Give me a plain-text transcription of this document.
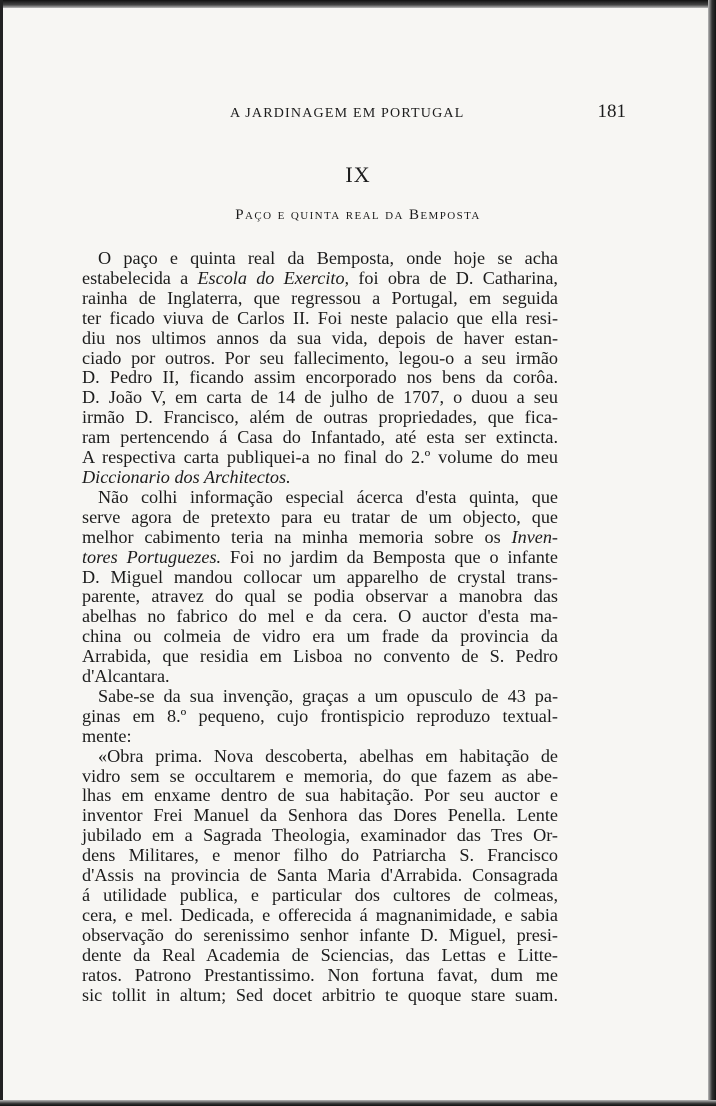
A JARDINAGEM EM PORTUGAL	181
IX
Paço e quinta real da Bemposta
O paço e quinta real da Bemposta, onde hoje se acha
estabelecida a Escola do Exercito, foi obra de D. Catharina,
rainha de Inglaterra, que regressou a Portugal, em seguida
ter ficado viuva de Carlos II. Foi neste palacio que ella resi-
diu nos ultimos annos da sua vida, depois de haver estan-
ciado por outros. Por seu fallecimento, legou-o a seu irmão
D. Pedro II, ficando assim encorporado nos bens da corôa.
D. João V, em carta de 14 de julho de 1707, o duou a seu
irmão D. Francisco, além de outras propriedades, que fica-
ram pertencendo á Casa do Infantado, até esta ser extincta.
A respectiva carta publiquei-a no final do 2.º volume do meu
Diccionario dos Architectos.
Não colhi informação especial ácerca d'esta quinta, que
serve agora de pretexto para eu tratar de um objecto, que
melhor cabimento teria na minha memoria sobre os Inven-
tores Portuguezes. Foi no jardim da Bemposta que o infante
D. Miguel mandou collocar um apparelho de crystal trans-
parente, atravez do qual se podia observar a manobra das
abelhas no fabrico do mel e da cera. O auctor d'esta ma-
china ou colmeia de vidro era um frade da provincia da
Arrabida, que residia em Lisboa no convento de S. Pedro
d'Alcantara.
Sabe-se da sua invenção, graças a um opusculo de 43 pa-
ginas em 8.º pequeno, cujo frontispicio reproduzo textual-
mente:
«Obra prima. Nova descoberta, abelhas em habitação de
vidro sem se occultarem e memoria, do que fazem as abe-
lhas em enxame dentro de sua habitação. Por seu auctor e
inventor Frei Manuel da Senhora das Dores Penella. Lente
jubilado em a Sagrada Theologia, examinador das Tres Or-
dens Militares, e menor filho do Patriarcha S. Francisco
d'Assis na provincia de Santa Maria d'Arrabida. Consagrada
á utilidade publica, e particular dos cultores de colmeas,
cera, e mel. Dedicada, e offerecida á magnanimidade, e sabia
observação do serenissimo senhor infante D. Miguel, presi-
dente da Real Academia de Sciencias, das Lettas e Litte-
ratos. Patrono Prestantissimo. Non fortuna favat, dum me
sic tollit in altum; Sed docet arbitrio te quoque stare suam.
